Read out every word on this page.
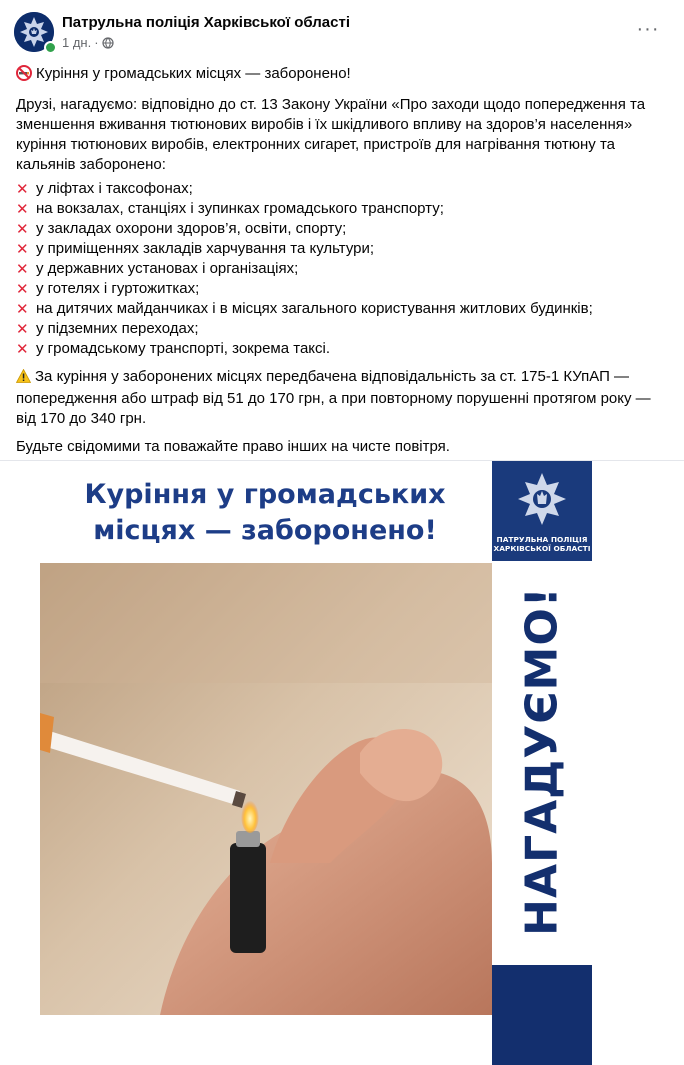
Патрульна поліція Харківської області
1 дн. ·
···

Куріння у громадських місцях — заборонено!

Друзі, нагадуємо: відповідно до ст. 13 Закону України «Про заходи щодо попередження та зменшення вживання тютюнових виробів і їх шкідливого впливу на здоров’я населення» куріння тютюнових виробів, електронних сигарет, пристроїв для нагрівання тютюну та кальянів заборонено:

✕ у ліфтах і таксофонах;
✕ на вокзалах, станціях і зупинках громадського транспорту;
✕ у закладах охорони здоров’я, освіти, спорту;
✕ у приміщеннях закладів харчування та культури;
✕ у державних установах і організаціях;
✕ у готелях і гуртожитках;
✕ на дитячих майданчиках і в місцях загального користування житлових будинків;
✕ у підземних переходах;
✕ у громадському транспорті, зокрема таксі.

За куріння у заборонених місцях передбачена відповідальність за ст. 175-1 КУпАП — попередження або штраф від 51 до 170 грн, а при повторному порушенні протягом року — від 170 до 340 грн.

Будьте свідомими та поважайте право інших на чисте повітря.

Куріння у громадських
місцях — заборонено!	ПАТРУЛЬНА ПОЛІЦІЯ
ХАРКІВСЬКОЇ ОБЛАСТІ
НАГАДУЄМО!
